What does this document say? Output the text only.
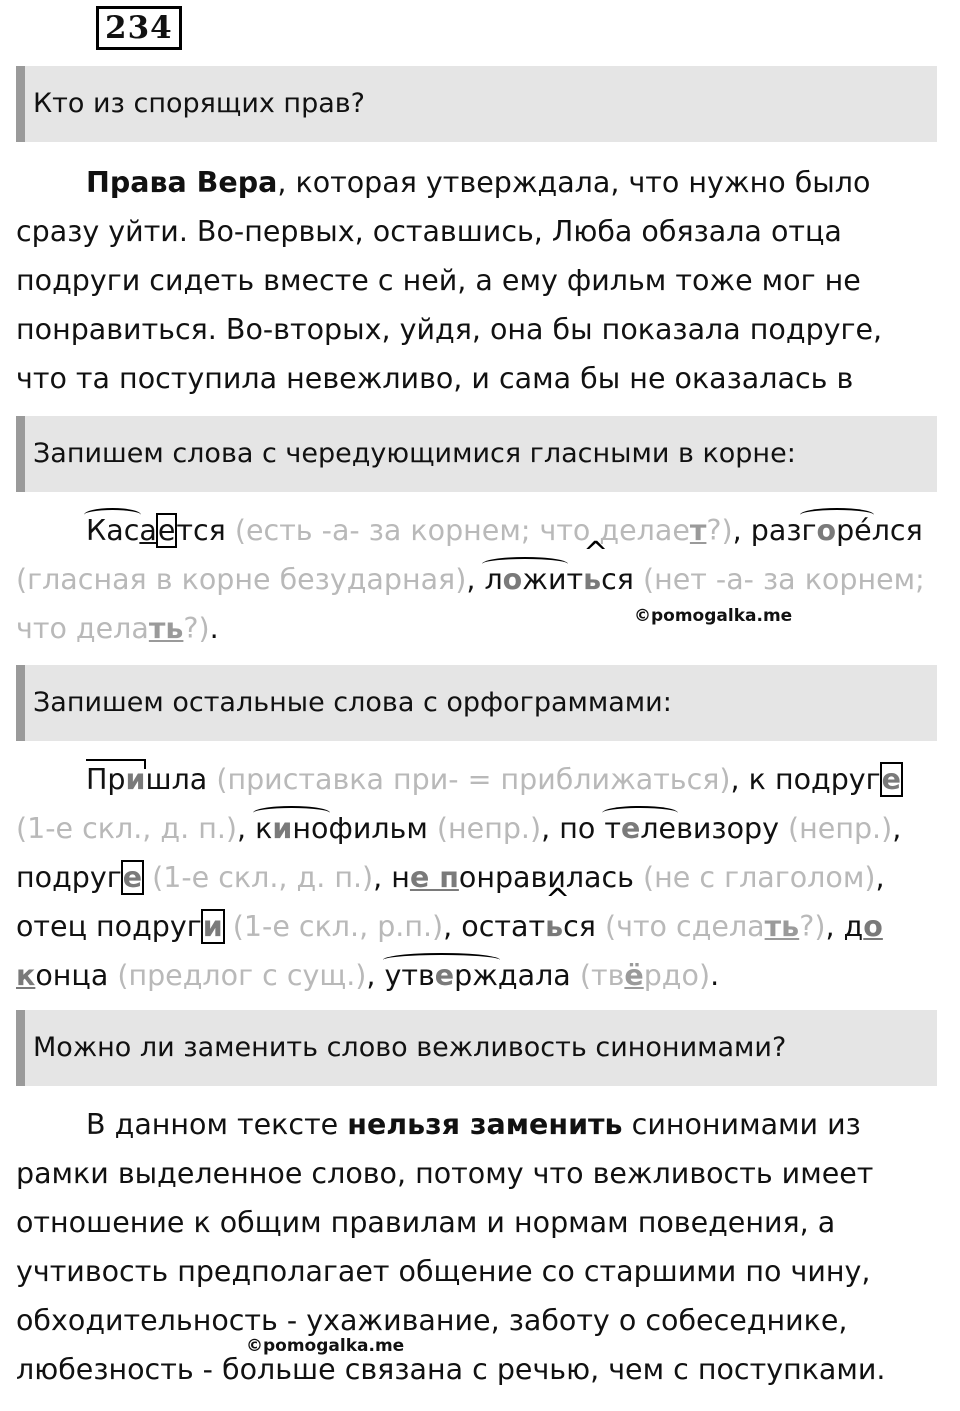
234
Кто из спорящих прав?
Права Вера, которая утверждала, что нужно было сразу уйти. Во-первых, оставшись, Люба обязала отца подруги сидеть вместе с ней, а ему фильм тоже мог не понравиться. Во-вторых, уйдя, она бы показала подруге, что та поступила невежливо, и сама бы не оказалась в
Запишем слова с чередующимися гласными в корне:
Касается (есть -а- за корнем; что делает?), разгоре́лся (гласная в корне безударная), ложит^ ься (нет -а- за корнем; что делать?).	©pomogalka.me
Запишем остальные слова с орфограммами:
Пришла (приставка при- = приближаться), к подруге (1-е скл., д. п.), кинофильм (непр.), по телевизору (непр.), подруге (1-е скл., д. п.), не понравилась (не с глаголом), отец подруги (1-е скл., р.п.), остат^ ься (что сделать?), до конца (предлог с сущ.), утверждала (твёрдо).
Можно ли заменить слово вежливость синонимами?
В данном тексте нельзя заменить синонимами из рамки выделенное слово, потому что вежливость имеет отношение к общим правилам и нормам поведения, а учтивость предполагает общение со старшими по чину, обходительность - ухаживание, заботу о собеседнике, любезность - больше связана с речью, чем с поступками.
©pomogalka.me
